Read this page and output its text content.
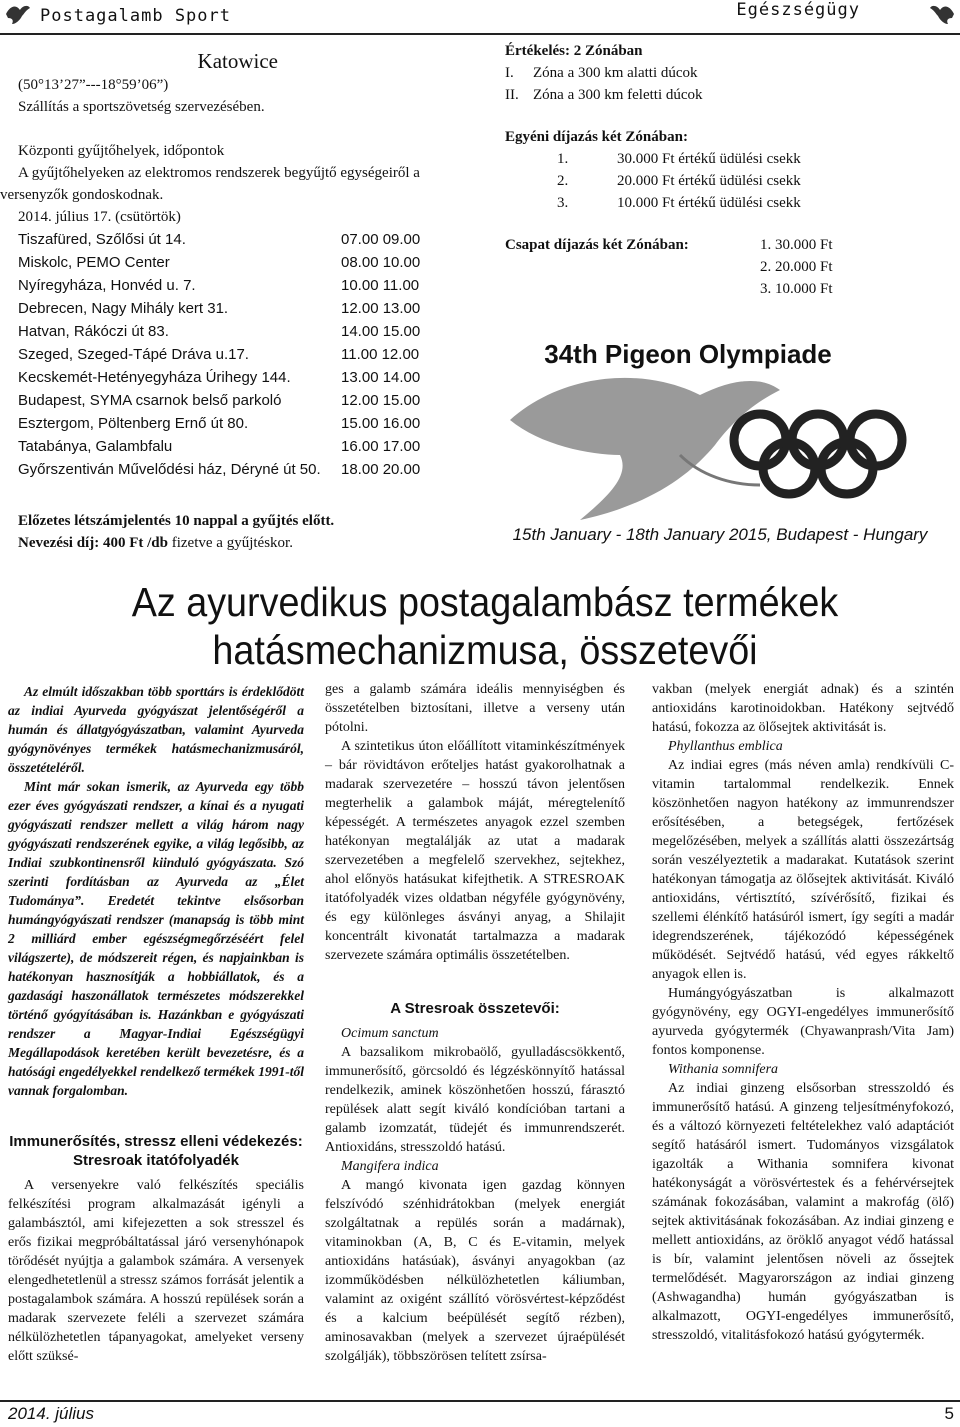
Postagalamb Sport	Egészségügy
Katowice
(50°13’27”---18°59’06”)
Szállítás a sportszövetség szervezésében.
Központi gyűjtőhelyek, időpontok
A gyűjtőhelyeken az elektromos rendszerek begyűjtő egységeiről a
versenyzők gondoskodnak.
2014. július 17. (csütörtök)
Tiszafüred, Szőlősi út 14.	07.00 09.00
Miskolc, PEMO Center	08.00 10.00
Nyíregyháza, Honvéd u. 7.	10.00 11.00
Debrecen, Nagy Mihály kert 31.	12.00 13.00
Hatvan, Rákóczi út 83.	14.00 15.00
Szeged, Szeged-Tápé Dráva u.17.	11.00 12.00
Kecskemét-Hetényegyháza Úrihegy 144.	13.00 14.00
Budapest, SYMA csarnok belső parkoló	12.00 15.00
Esztergom, Pöltenberg Ernő út 80.	15.00 16.00
Tatabánya, Galambfalu	16.00 17.00
Győrszentiván Művelődési ház, Déryné út 50.	18.00 20.00
Előzetes létszámjelentés 10 nappal a gyűjtés előtt.
Nevezési díj: 400 Ft /db fizetve a gyűjtéskor.
Értékelés: 2 Zónában
I.	Zóna a 300 km alatti dúcok
II. Zóna a 300 km feletti dúcok
Egyéni díjazás két Zónában:
1.	30.000 Ft értékű üdülési csekk
2.	20.000 Ft értékű üdülési csekk
3.	10.000 Ft értékű üdülési csekk
Csapat díjazás két Zónában:	1. 30.000 Ft
2. 20.000 Ft
3. 10.000 Ft
34th Pigeon Olympiade
15th January - 18th January 2015, Budapest - Hungary
Az ayurvedikus postagalambász termékek
hatásmechanizmusa, összetevői

Az elmúlt időszakban több sporttárs is érdeklődött az indiai Ayurveda gyógyászat jelentőségéről a humán és állatgyógyászatban, valamint Ayurveda gyógynövényes termékek hatásmechanizmusáról, összetételéről.

Mint már sokan ismerik, az Ayurveda egy több ezer éves gyógyászati rendszer, a kínai és a nyugati gyógyászati rendszer mellett a világ három nagy gyógyászati rendszerének egyike, a világ legősibb, az Indiai szubkontinensről kiinduló gyógyászata. Szó szerinti fordításban az Ayurveda az „Élet Tudománya”. Eredetét tekintve elsősorban humángyógyászati rendszer (manapság is több mint 2 milliárd ember egészségmegőrzéséért felel világszerte), de módszereit régen, és napjainkban is hatékonyan hasznosítják a hobbiállatok, és a gazdasági haszonállatok természetes módszerekkel történő gyógyításában is. Hazánkban e gyógyászati rendszer a Magyar-Indiai Egészségügyi Megállapodások keretében került bevezetésre, és a hatósági engedélyekkel rendelkező termékek 1991-től vannak forgalomban.

Immunerősítés, stressz elleni védekezés: Stresroak itatófolyadék

A versenyekre való felkészítés speciális felkészítési program alkalmazását igényli a galambásztól, ami kifejezetten a sok stresszel és erős fizikai megpróbáltatással járó versenyhónapok törődését nyújtja a galambok számára. A versenyek elengedhetetlenül a stressz számos forrását jelentik a postagalambok számára. A hosszú repülések során a madarak szervezete feléli a szervezet számára nélkülözhetetlen tápanyagokat, amelyeket verseny előtt szüksé-

ges a galamb számára ideális mennyiségben és összetételben biztosítani, illetve a verseny után pótolni.

A szintetikus úton előállított vitaminkészítmények – bár rövidtávon erőteljes hatást gyakorolhatnak a madarak szervezetére – hosszú távon jelentősen megterhelik a galambok máját, méregtelenítő képességét. A természetes anyagok ezzel szemben hatékonyan megtalálják az utat a madarak szervezetében a megfelelő szervekhez, sejtekhez, ahol előnyös hatásukat kifejthetik. A STRESROAK itatófolyadék vizes oldatban négyféle gyógynövény, és egy különleges ásványi anyag, a Shilajit koncentrált kivonatát tartalmazza a madarak szervezete számára optimális összetételben.

A Stresroak összetevői:

Ocimum sanctum

A bazsalikom mikrobaölő, gyulladáscsökkentő, immunerősítő, görcsoldó és légzéskönnyítő hatással rendelkezik, aminek köszönhetően hosszú, fárasztó repülések alatt segít kiváló kondícióban tartani a galamb izomzatát, tüdejét és immunrendszerét. Antioxidáns, stresszoldó hatású.

Mangifera indica

A mangó kivonata igen gazdag könnyen felszívódó szénhidrátokban (melyek energiát szolgáltatnak a repülés során a madárnak), vitaminokban (A, B, C és E-vitamin, melyek antioxidáns hatásúak), ásványi anyagokban (az izomműködésben nélkülözhetetlen káliumban, valamint az oxigént szállító vörösvértest-képződést és a kalcium beépülését segítő rézben), aminosavakban (melyek a szervezet újraépülését szolgálják), többszörösen telített zsírsa-

vakban (melyek energiát adnak) és a szintén antioxidáns karotinoidokban. Hatékony sejtvédő hatású, fokozza az ölősejtek aktivitását is.

Phyllanthus emblica

Az indiai egres (más néven amla) rendkívüli C-vitamin tartalommal rendelkezik. Ennek köszönhetően nagyon hatékony az immunrendszer erősítésében, a betegségek, fertőzések megelőzésében, melyek a szállítás alatti összezártság során veszélyeztetik a madarakat. Kutatások szerint hatékonyan támogatja az ölősejtek aktivitását. Kiváló antioxidáns, vértisztító, szívérősítő, fizikai és szellemi élénkítő hatásúról ismert, így segíti a madár idegrendszerének, tájékozódó képességének működését. Sejtvédő hatású, véd egyes rákkeltő anyagok ellen is.

Humángyógyászatban is alkalmazott gyógynövény, egy OGYI-engedélyes immunerősítő ayurveda gyógytermék (Chyawanprash/Vita Jam) fontos komponense.

Withania somnifera

Az indiai ginzeng elsősorban stresszoldó és immunerősítő hatású. A ginzeng teljesítményfokozó, és a változó környezeti feltételekhez való adaptációt segítő hatásáról ismert. Tudományos vizsgálatok igazolták a Withania somnifera kivonat hatékonyságát a vörösvértestek és a fehérvérsejtek számának fokozásában, valamint a makrofág (ölő) sejtek aktivitásának fokozásában. Az indiai ginzeng e mellett antioxidáns, az öröklő anyagot védő hatással is bír, valamint jelentősen növeli az őssejtek termelődését. Magyarországon az indiai ginzeng (Ashwagandha) humán gyógyászatban is alkalmazott, OGYI-engedélyes immunerősítő, stresszoldó, vitalitásfokozó hatású gyógytermék.

2014. július	5
